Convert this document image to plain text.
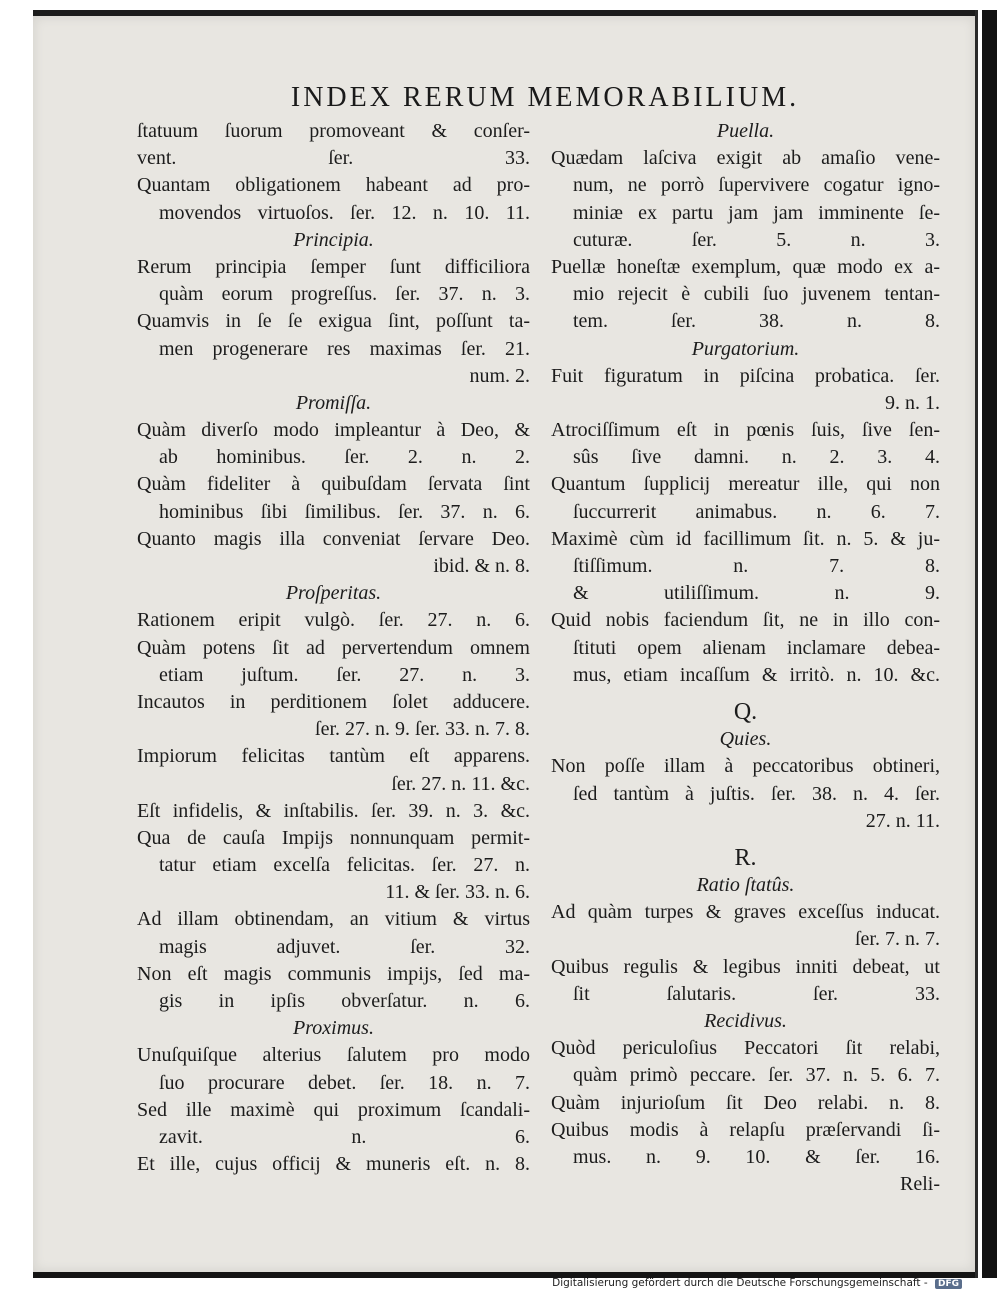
INDEX RERUM MEMORABILIUM.
ſtatuum ſuorum promoveant & conſer-
vent. ſer. 33.
Quantam obligationem habeant ad pro-
movendos virtuoſos. ſer. 12. n. 10. 11.
Principia.
Rerum principia ſemper ſunt difficiliora
quàm eorum progreſſus. ſer. 37. n. 3.
Quamvis in ſe ſe exigua ſint, poſſunt ta-
men progenerare res maximas ſer. 21.
num. 2.
Promiſſa.
Quàm diverſo modo impleantur à Deo, &
ab hominibus. ſer. 2. n. 2.
Quàm fideliter à quibuſdam ſervata ſint
hominibus ſibi ſimilibus. ſer. 37. n. 6.
Quanto magis illa conveniat ſervare Deo.
ibid. & n. 8.
Proſperitas.
Rationem eripit vulgò. ſer. 27. n. 6.
Quàm potens ſit ad pervertendum omnem
etiam juſtum. ſer. 27. n. 3.
Incautos in perditionem ſolet adducere.
ſer. 27. n. 9. ſer. 33. n. 7. 8.
Impiorum felicitas tantùm eſt apparens.
ſer. 27. n. 11. &c.
Eſt infidelis, & inſtabilis. ſer. 39. n. 3. &c.
Qua de cauſa Impijs nonnunquam permit-
tatur etiam excelſa felicitas. ſer. 27. n.
11. & ſer. 33. n. 6.
Ad illam obtinendam, an vitium & virtus
magis adjuvet. ſer. 32.
Non eſt magis communis impijs, ſed ma-
gis in ipſis obverſatur. n. 6.
Proximus.
Unuſquiſque alterius ſalutem pro modo
ſuo procurare debet. ſer. 18. n. 7.
Sed ille maximè qui proximum ſcandali-
zavit. n. 6.
Et ille, cujus officij & muneris eſt. n. 8.
Puella.
Quædam laſciva exigit ab amaſio vene-
num, ne porrò ſupervivere cogatur igno-
miniæ ex partu jam jam imminente ſe-
cuturæ. ſer. 5. n. 3.
Puellæ honeſtæ exemplum, quæ modo ex a-
mio rejecit è cubili ſuo juvenem tentan-
tem. ſer. 38. n. 8.
Purgatorium.
Fuit figuratum in piſcina probatica. ſer.
9. n. 1.
Atrociſſimum eſt in pœnis ſuis, ſive ſen-
sûs ſive damni. n. 2. 3. 4.
Quantum ſupplicij mereatur ille, qui non
ſuccurrerit animabus. n. 6. 7.
Maximè cùm id facillimum ſit. n. 5. & ju-
ſtiſſimum. n. 7. 8.
& utiliſſimum. n. 9.
Quid nobis faciendum ſit, ne in illo con-
ſtituti opem alienam inclamare debea-
mus, etiam incaſſum & irritò. n. 10. &c.
Q.
Quies.
Non poſſe illam à peccatoribus obtineri,
ſed tantùm à juſtis. ſer. 38. n. 4. ſer.
27. n. 11.
R.
Ratio ſtatûs.
Ad quàm turpes & graves exceſſus inducat.
ſer. 7. n. 7.
Quibus regulis & legibus inniti debeat, ut
ſit ſalutaris. ſer. 33.
Recidivus.
Quòd periculoſius Peccatori ſit relabi,
quàm primò peccare. ſer. 37. n. 5. 6. 7.
Quàm injurioſum ſit Deo relabi. n. 8.
Quibus modis à relapſu præſervandi ſi-
mus. n. 9. 10. & ſer. 16.
Reli-
Digitalisierung gefördert durch die Deutsche Forschungsgemeinschaft - DFG
